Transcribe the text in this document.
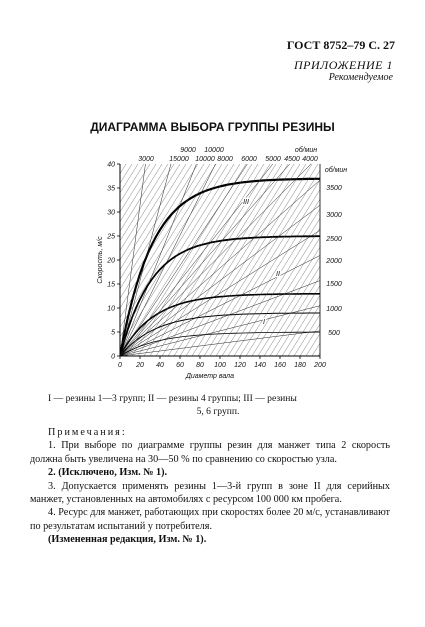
ГОСТ 8752–79 С. 27
ПРИЛОЖЕНИЕ 1
Рекомендуемое
ДИАГРАММА ВЫБОРА ГРУППЫ РЕЗИНЫ
0 20 40 60 80 100 120 140 160 180 200
0
5
10
15
20
25
30
35
40
Диаметр вала
Скорость, м/с
9000 10000
3000 15000 10000 8000 6000 5000 4500 4000
об/мин
об/мин
3500
3000
2500
2000
1500
1000
500
III
II
I
I — резины 1—3 групп; II — резины 4 группы; III — резины
5, 6 групп.

Примечания:

1. При выборе по диаграмме группы резин для манжет типа 2 скорость должна быть увеличена на 30—50 % по сравнению со скоростью узла.

2. (Исключено, Изм. № 1).

3. Допускается применять резины 1—3-й групп в зоне II для серийных манжет, установленных на автомобилях с ресурсом 100 000 км пробега.

4. Ресурс для манжет, работающих при скоростях более 20 м/с, устанавливают по результатам испытаний у потребителя.

(Измененная редакция, Изм. № 1).
